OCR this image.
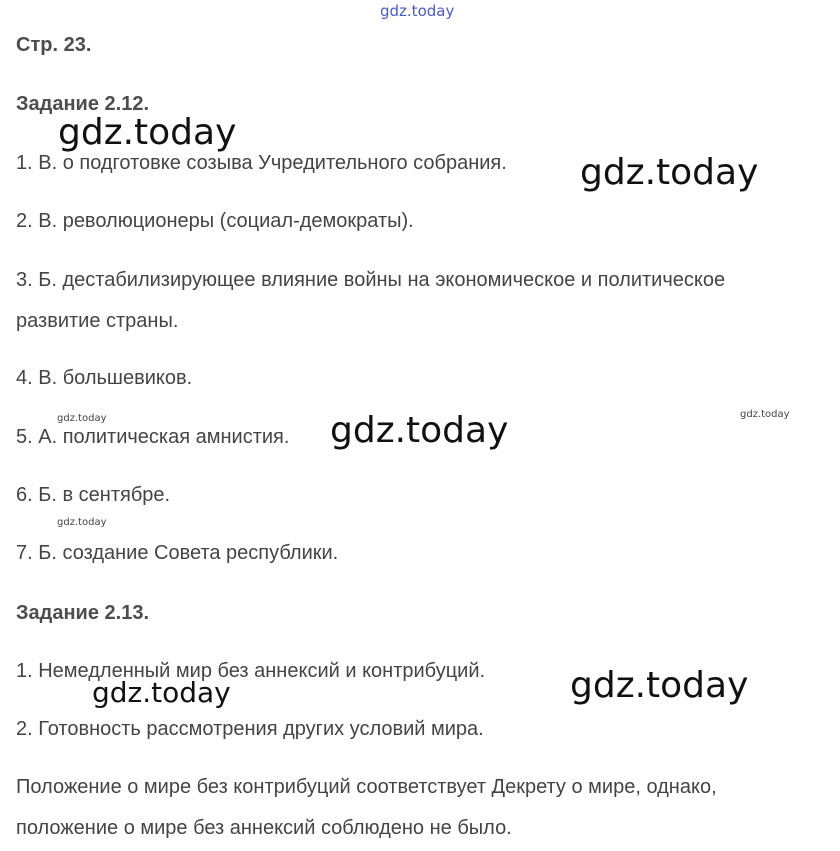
gdz.today
Стр. 23.
Задание 2.12.
1. В. о подготовке созыва Учредительного собрания.
2. В. революционеры (социал-демократы).
3. Б. дестабилизирующее влияние войны на экономическое и политическое
развитие страны.
4. В. большевиков.
5. А. политическая амнистия.
6. Б. в сентябре.
7. Б. создание Совета республики.
Задание 2.13.
1. Немедленный мир без аннексий и контрибуций.
2. Готовность рассмотрения других условий мира.
Положение о мире без контрибуций соответствует Декрету о мире, однако,
положение о мире без аннексий соблюдено не было.
gdz.today
gdz.today
gdz.today
gdz.today
gdz.today
gdz.today	gdz.today
gdz.today
